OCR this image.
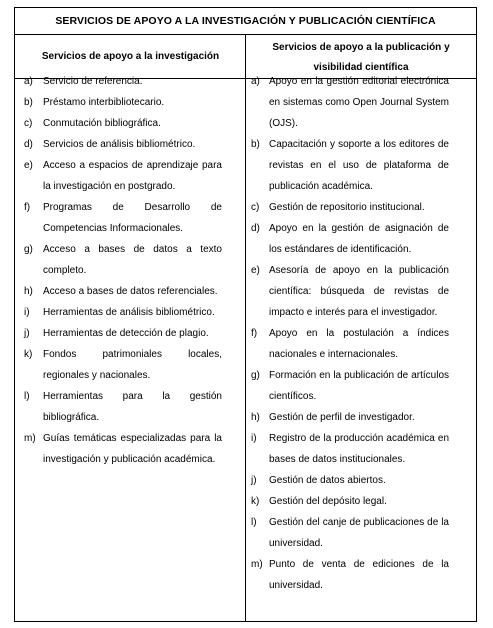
SERVICIOS DE APOYO A LA INVESTIGACIÓN Y PUBLICACIÓN CIENTÍFICA
Servicios de apoyo a la investigación
Servicios de apoyo a la publicación y
visibilidad científica
a) Servicio de referencia.
b) Préstamo interbibliotecario.
c) Conmutación bibliográfica.
d) Servicios de análisis bibliométrico.
e) Acceso a espacios de aprendizaje para la investigación en postgrado.
f) Programas de Desarrollo de Competencias Informacionales.
g) Acceso a bases de datos a texto completo.
h) Acceso a bases de datos referenciales.
i) Herramientas de análisis bibliométrico.
j) Herramientas de detección de plagio.
k) Fondos patrimoniales locales, regionales y nacionales.
l) Herramientas para la gestión bibliográfica.
m) Guías temáticas especializadas para la investigación y publicación académica.
a) Apoyo en la gestión editorial electrónica en sistemas como Open Journal System (OJS).
b) Capacitación y soporte a los editores de revistas en el uso de plataforma de publicación académica.
c) Gestión de repositorio institucional.
d) Apoyo en la gestión de asignación de los estándares de identificación.
e) Asesoría de apoyo en la publicación científica: búsqueda de revistas de impacto e interés para el investigador.
f) Apoyo en la postulación a índices nacionales e internacionales.
g) Formación en la publicación de artículos científicos.
h) Gestión de perfil de investigador.
i) Registro de la producción académica en bases de datos institucionales.
j) Gestión de datos abiertos.
k) Gestión del depósito legal.
l) Gestión del canje de publicaciones de la universidad.
m) Punto de venta de ediciones de la universidad.
